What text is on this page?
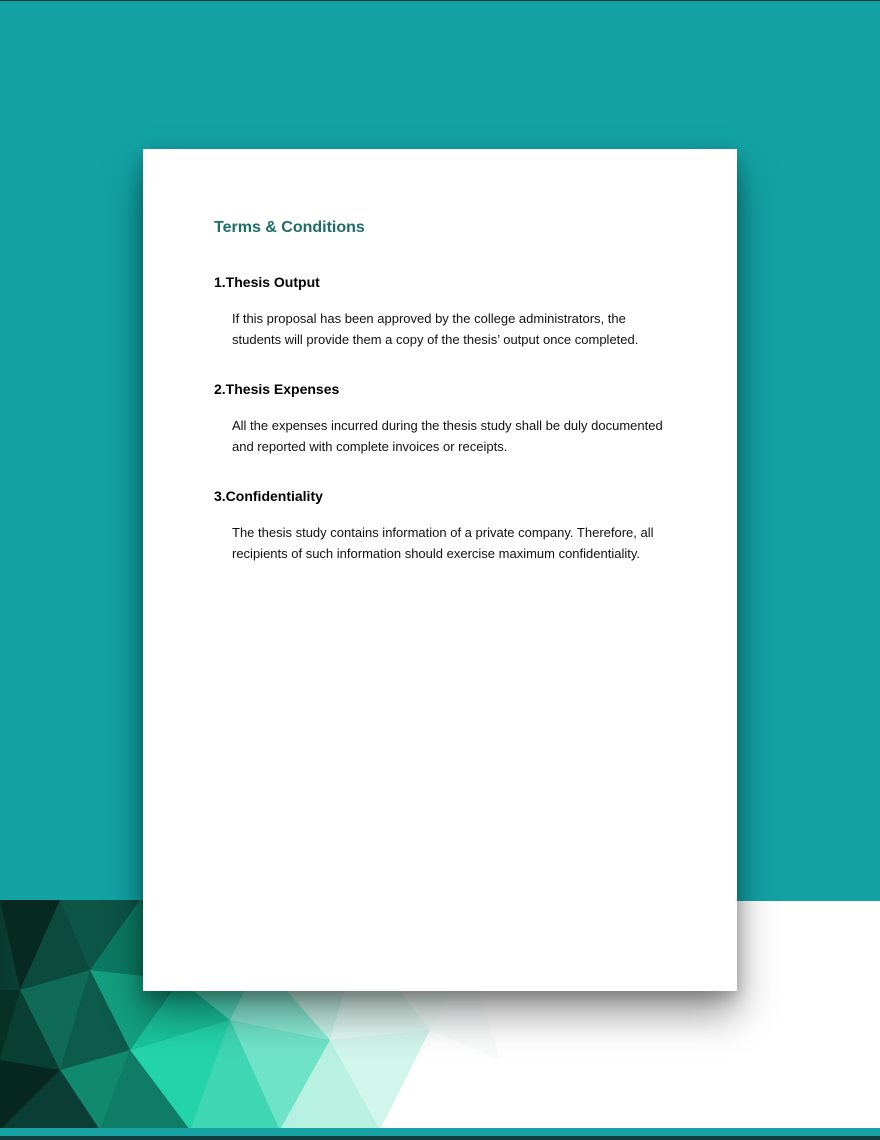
Terms & Conditions
1.Thesis Output
If this proposal has been approved by the college administrators, the
students will provide them a copy of the thesis’ output once completed.
2.Thesis Expenses
All the expenses incurred during the thesis study shall be duly documented
and reported with complete invoices or receipts.
3.Confidentiality
The thesis study contains information of a private company. Therefore, all
recipients of such information should exercise maximum confidentiality.
